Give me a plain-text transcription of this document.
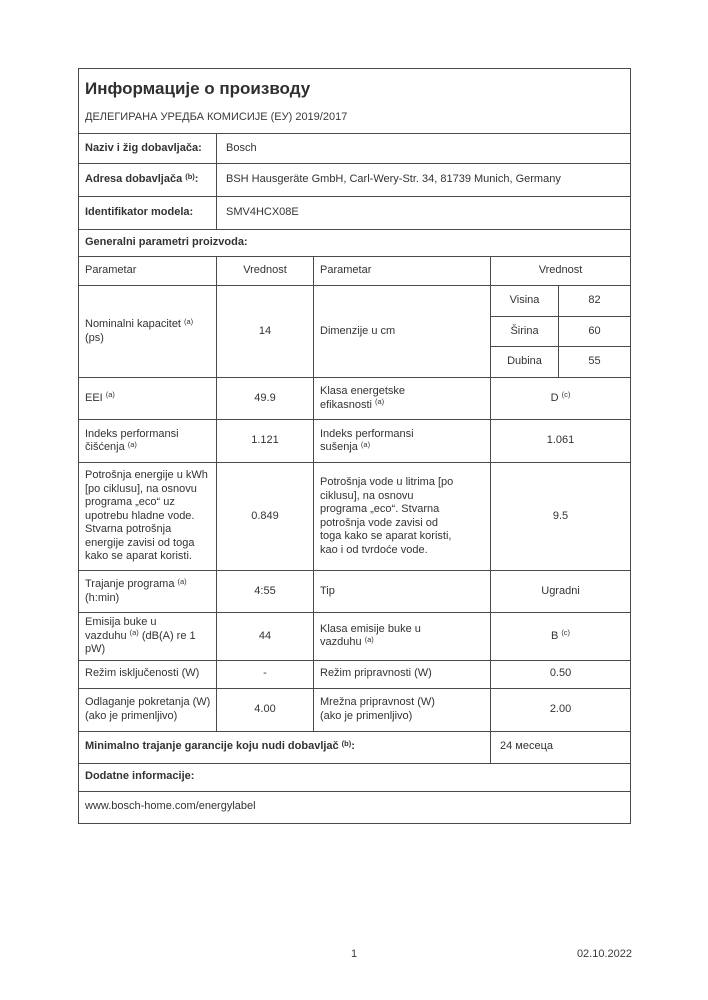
Информације о производу
ДЕЛЕГИРАНА УРЕДБА КОМИСИЈЕ (ЕУ) 2019/2017				

Naziv i žig dobavljača:	Bosch			
Adresa dobavljača $^{(b)}$:	BSH Hausgeräte GmbH, Carl-Wery-Str. 34, 81739 Munich, Germany			
Identifikator modela:	SMV4HCX08E			
Generalni parametri proizvoda:				
Parametar	Vrednost	Parametar	Vrednost	
Nominalni kapacitet $^{(a)}$ (ps)	14	Dimenzije u cm	Visina	82
			Širina	60
			Dubina	55
EEI $^{(a)}$	49.9	Klasa energetske efikasnosti $^{(a)}$	D $^{(c)}$
Indeks performansi čišćenja $^{(a)}$	1.121	Indeks performansi sušenja $^{(a)}$	1.061	
Potrošnja energije u kWh [po ciklusu], na osnovu programa „eco“ uz upotrebu hladne vode. Stvarna potrošnja energije zavisi od toga kako se aparat koristi.	0.849	Potrošnja vode u litrima [po ciklusu], na osnovu programa „eco“. Stvarna potrošnja vode zavisi od toga kako se aparat koristi, kao i od tvrdoće vode.	9.5	
Trajanje programa $^{(a)}$ (h:min)	4:55	Tip	Ugradni	
Emisija buke u vazduhu $^{(a)}$ (dB(A) re 1 pW)	44	Klasa emisije buke u vazduhu $^{(a)}$	B $^{(c)}$
Režim isključenosti (W)	-	Režim pripravnosti (W)	0.50	
Odlaganje pokretanja (W) (ako je primenljivo)	4.00	Mrežna pripravnost (W) (ako je primenljivo)	2.00	
Minimalno trajanje garancije koju nudi dobavljač $^{(b)}$:			24 месеца	
Dodatne informacije:				
www.bosch-home.com/energylabel				
1	02.10.2022
